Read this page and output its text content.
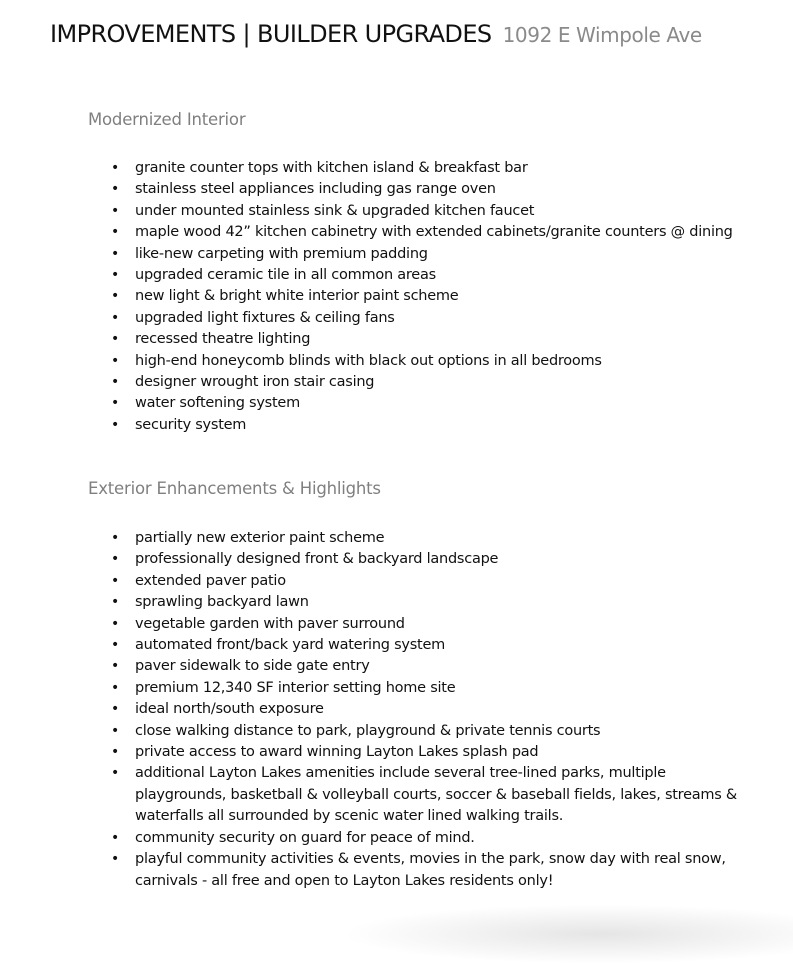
IMPROVEMENTS | BUILDER UPGRADES 1092 E Wimpole Ave
Modernized Interior
• granite counter tops with kitchen island & breakfast bar
• stainless steel appliances including gas range oven
• under mounted stainless sink & upgraded kitchen faucet
• maple wood 42” kitchen cabinetry with extended cabinets/granite counters @ dining
• like-new carpeting with premium padding
• upgraded ceramic tile in all common areas
• new light & bright white interior paint scheme
• upgraded light fixtures & ceiling fans
• recessed theatre lighting
• high-end honeycomb blinds with black out options in all bedrooms
• designer wrought iron stair casing
• water softening system
• security system
Exterior Enhancements & Highlights
• partially new exterior paint scheme
• professionally designed front & backyard landscape
• extended paver patio
• sprawling backyard lawn
• vegetable garden with paver surround
• automated front/back yard watering system
• paver sidewalk to side gate entry
• premium 12,340 SF interior setting home site
• ideal north/south exposure
• close walking distance to park, playground & private tennis courts
• private access to award winning Layton Lakes splash pad
• additional Layton Lakes amenities include several tree-lined parks, multiple playgrounds, basketball & volleyball courts, soccer & baseball fields, lakes, streams & waterfalls all surrounded by scenic water lined walking trails.
• community security on guard for peace of mind.
• playful community activities & events, movies in the park, snow day with real snow, carnivals - all free and open to Layton Lakes residents only!
